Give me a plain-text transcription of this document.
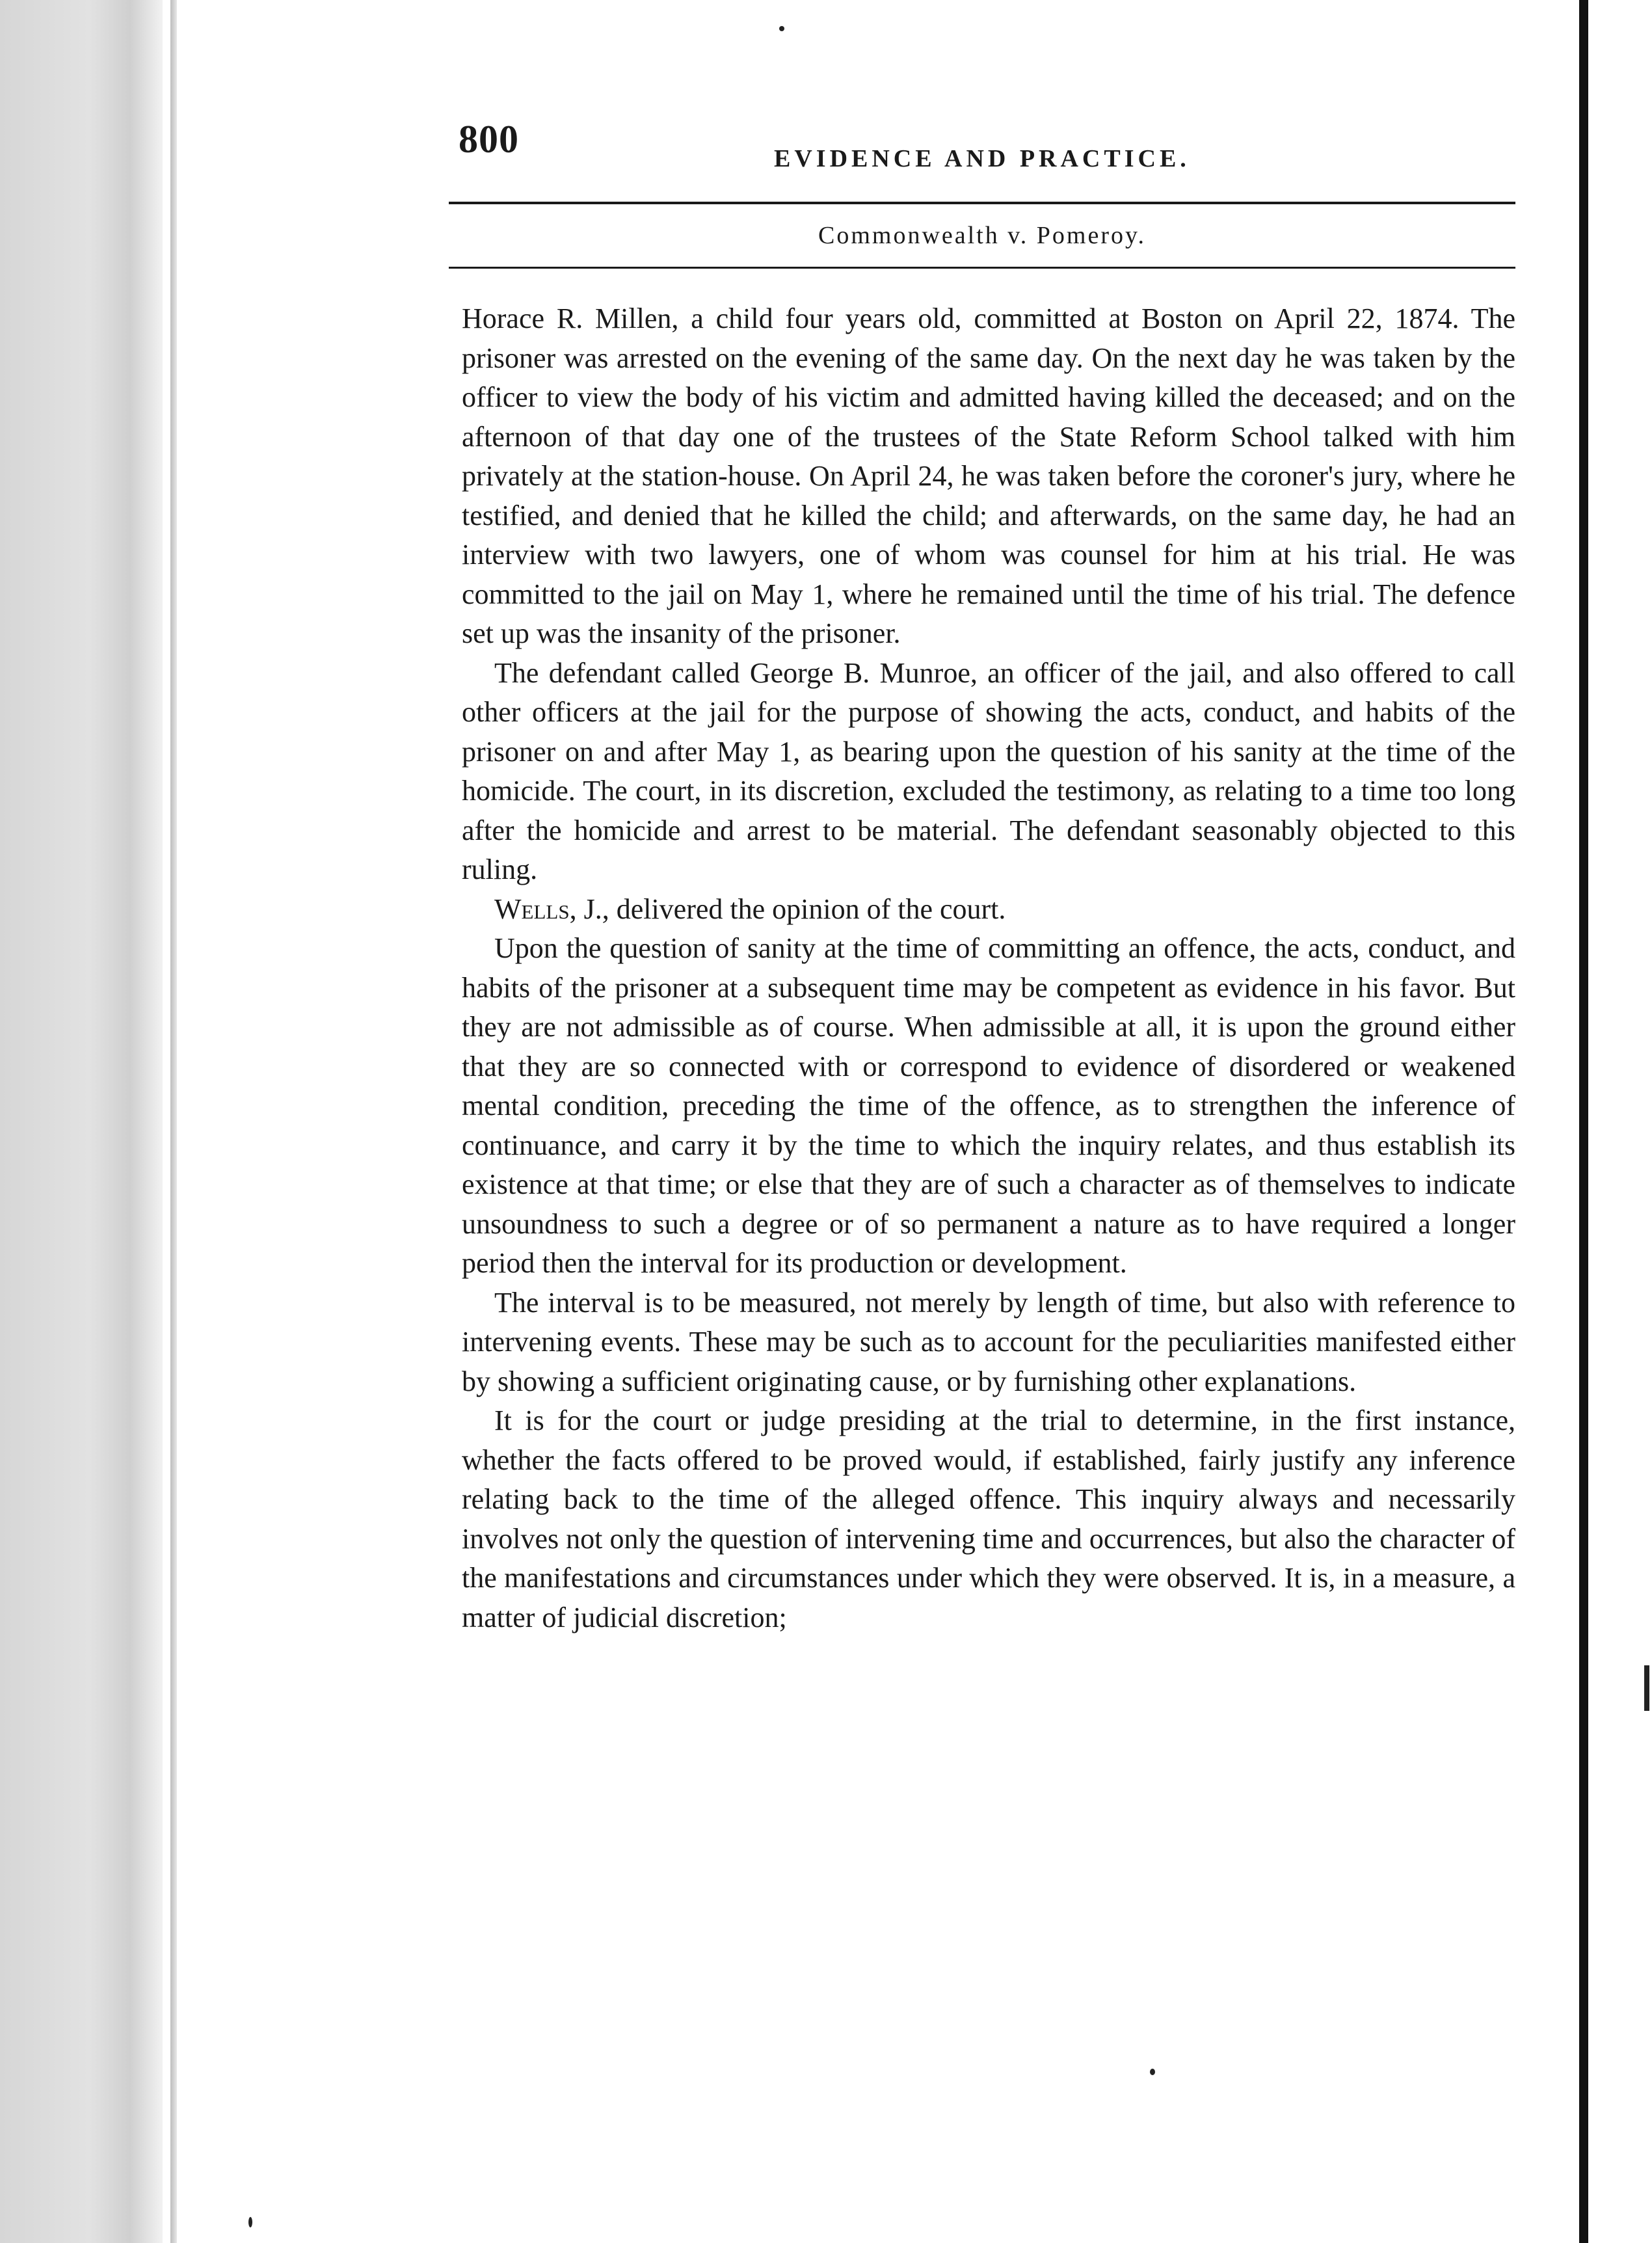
800	EVIDENCE AND PRACTICE.
Commonwealth v. Pomeroy.

Horace R. Millen, a child four years old, committed at Boston on April 22, 1874. The prisoner was arrested on the evening of the same day. On the next day he was taken by the officer to view the body of his victim and admitted having killed the deceased; and on the afternoon of that day one of the trustees of the State Reform School talked with him privately at the station-house. On April 24, he was taken before the coroner's jury, where he testified, and denied that he killed the child; and afterwards, on the same day, he had an interview with two lawyers, one of whom was counsel for him at his trial. He was committed to the jail on May 1, where he remained until the time of his trial. The defence set up was the insanity of the prisoner.

The defendant called George B. Munroe, an officer of the jail, and also offered to call other officers at the jail for the purpose of showing the acts, conduct, and habits of the prisoner on and after May 1, as bearing upon the question of his sanity at the time of the homicide. The court, in its discretion, excluded the testimony, as relating to a time too long after the homicide and arrest to be material. The defendant seasonably objected to this ruling.

Wells, J., delivered the opinion of the court.

Upon the question of sanity at the time of committing an offence, the acts, conduct, and habits of the prisoner at a subsequent time may be competent as evidence in his favor. But they are not admissible as of course. When admissible at all, it is upon the ground either that they are so connected with or correspond to evidence of disordered or weakened mental condition, preceding the time of the offence, as to strengthen the inference of continuance, and carry it by the time to which the inquiry relates, and thus establish its existence at that time; or else that they are of such a character as of themselves to indicate unsoundness to such a degree or of so permanent a nature as to have required a longer period then the interval for its production or development.

The interval is to be measured, not merely by length of time, but also with reference to intervening events. These may be such as to account for the peculiarities manifested either by showing a sufficient originating cause, or by furnishing other explanations.

It is for the court or judge presiding at the trial to determine, in the first instance, whether the facts offered to be proved would, if established, fairly justify any inference relating back to the time of the alleged offence. This inquiry always and necessarily involves not only the question of intervening time and occurrences, but also the character of the manifestations and circumstances under which they were observed. It is, in a measure, a matter of judicial discretion;
